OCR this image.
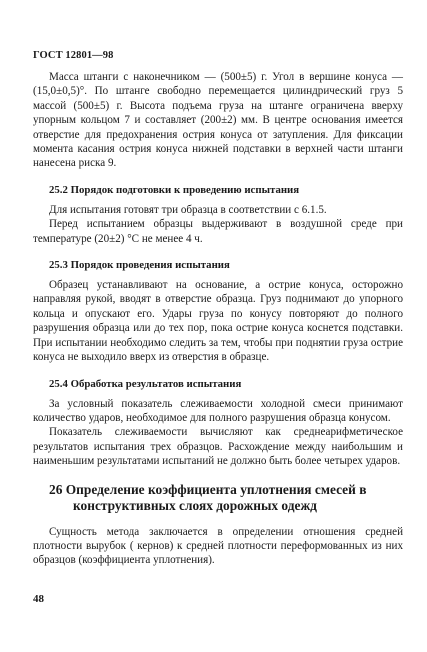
ГОСТ 12801—98

Масса штанги с наконечником — (500±5) г. Угол в вершине конуса — (15,0±0,5)°. По штанге свободно перемещается цилиндрический груз 5 массой (500±5) г. Высота подъема груза на штанге ограничена вверху упорным кольцом 7 и составляет (200±2) мм. В центре основания имеется отверстие для предохранения острия конуса от затупления. Для фиксации момента касания острия конуса нижней подставки в верхней части штанги нанесена риска 9.

25.2 Порядок подготовки к проведению испытания

Для испытания готовят три образца в соответствии с 6.1.5.

Перед испытанием образцы выдерживают в воздушной среде при температуре (20±2) °С не менее 4 ч.

25.3 Порядок проведения испытания

Образец устанавливают на основание, а острие конуса, осторожно направляя рукой, вводят в отверстие образца. Груз поднимают до упорного кольца и опускают его. Удары груза по конусу повторяют до полного разрушения образца или до тех пор, пока острие конуса коснется подставки. При испытании необходимо следить за тем, чтобы при поднятии груза острие конуса не выходило вверх из отверстия в образце.

25.4 Обработка результатов испытания

За условный показатель слеживаемости холодной смеси принимают количество ударов, необходимое для полного разрушения образца конусом.

Показатель слеживаемости вычисляют как среднеарифметическое результатов испытания трех образцов. Расхождение между наибольшим и наименьшим результатами испытаний не должно быть более четырех ударов.

26 Определение коэффициента уплотнения смесей в конструктивных слоях дорожных одежд

Сущность метода заключается в определении отношения средней плотности вырубок ( кернов) к средней плотности переформованных из них образцов (коэффициента уплотнения).

48
